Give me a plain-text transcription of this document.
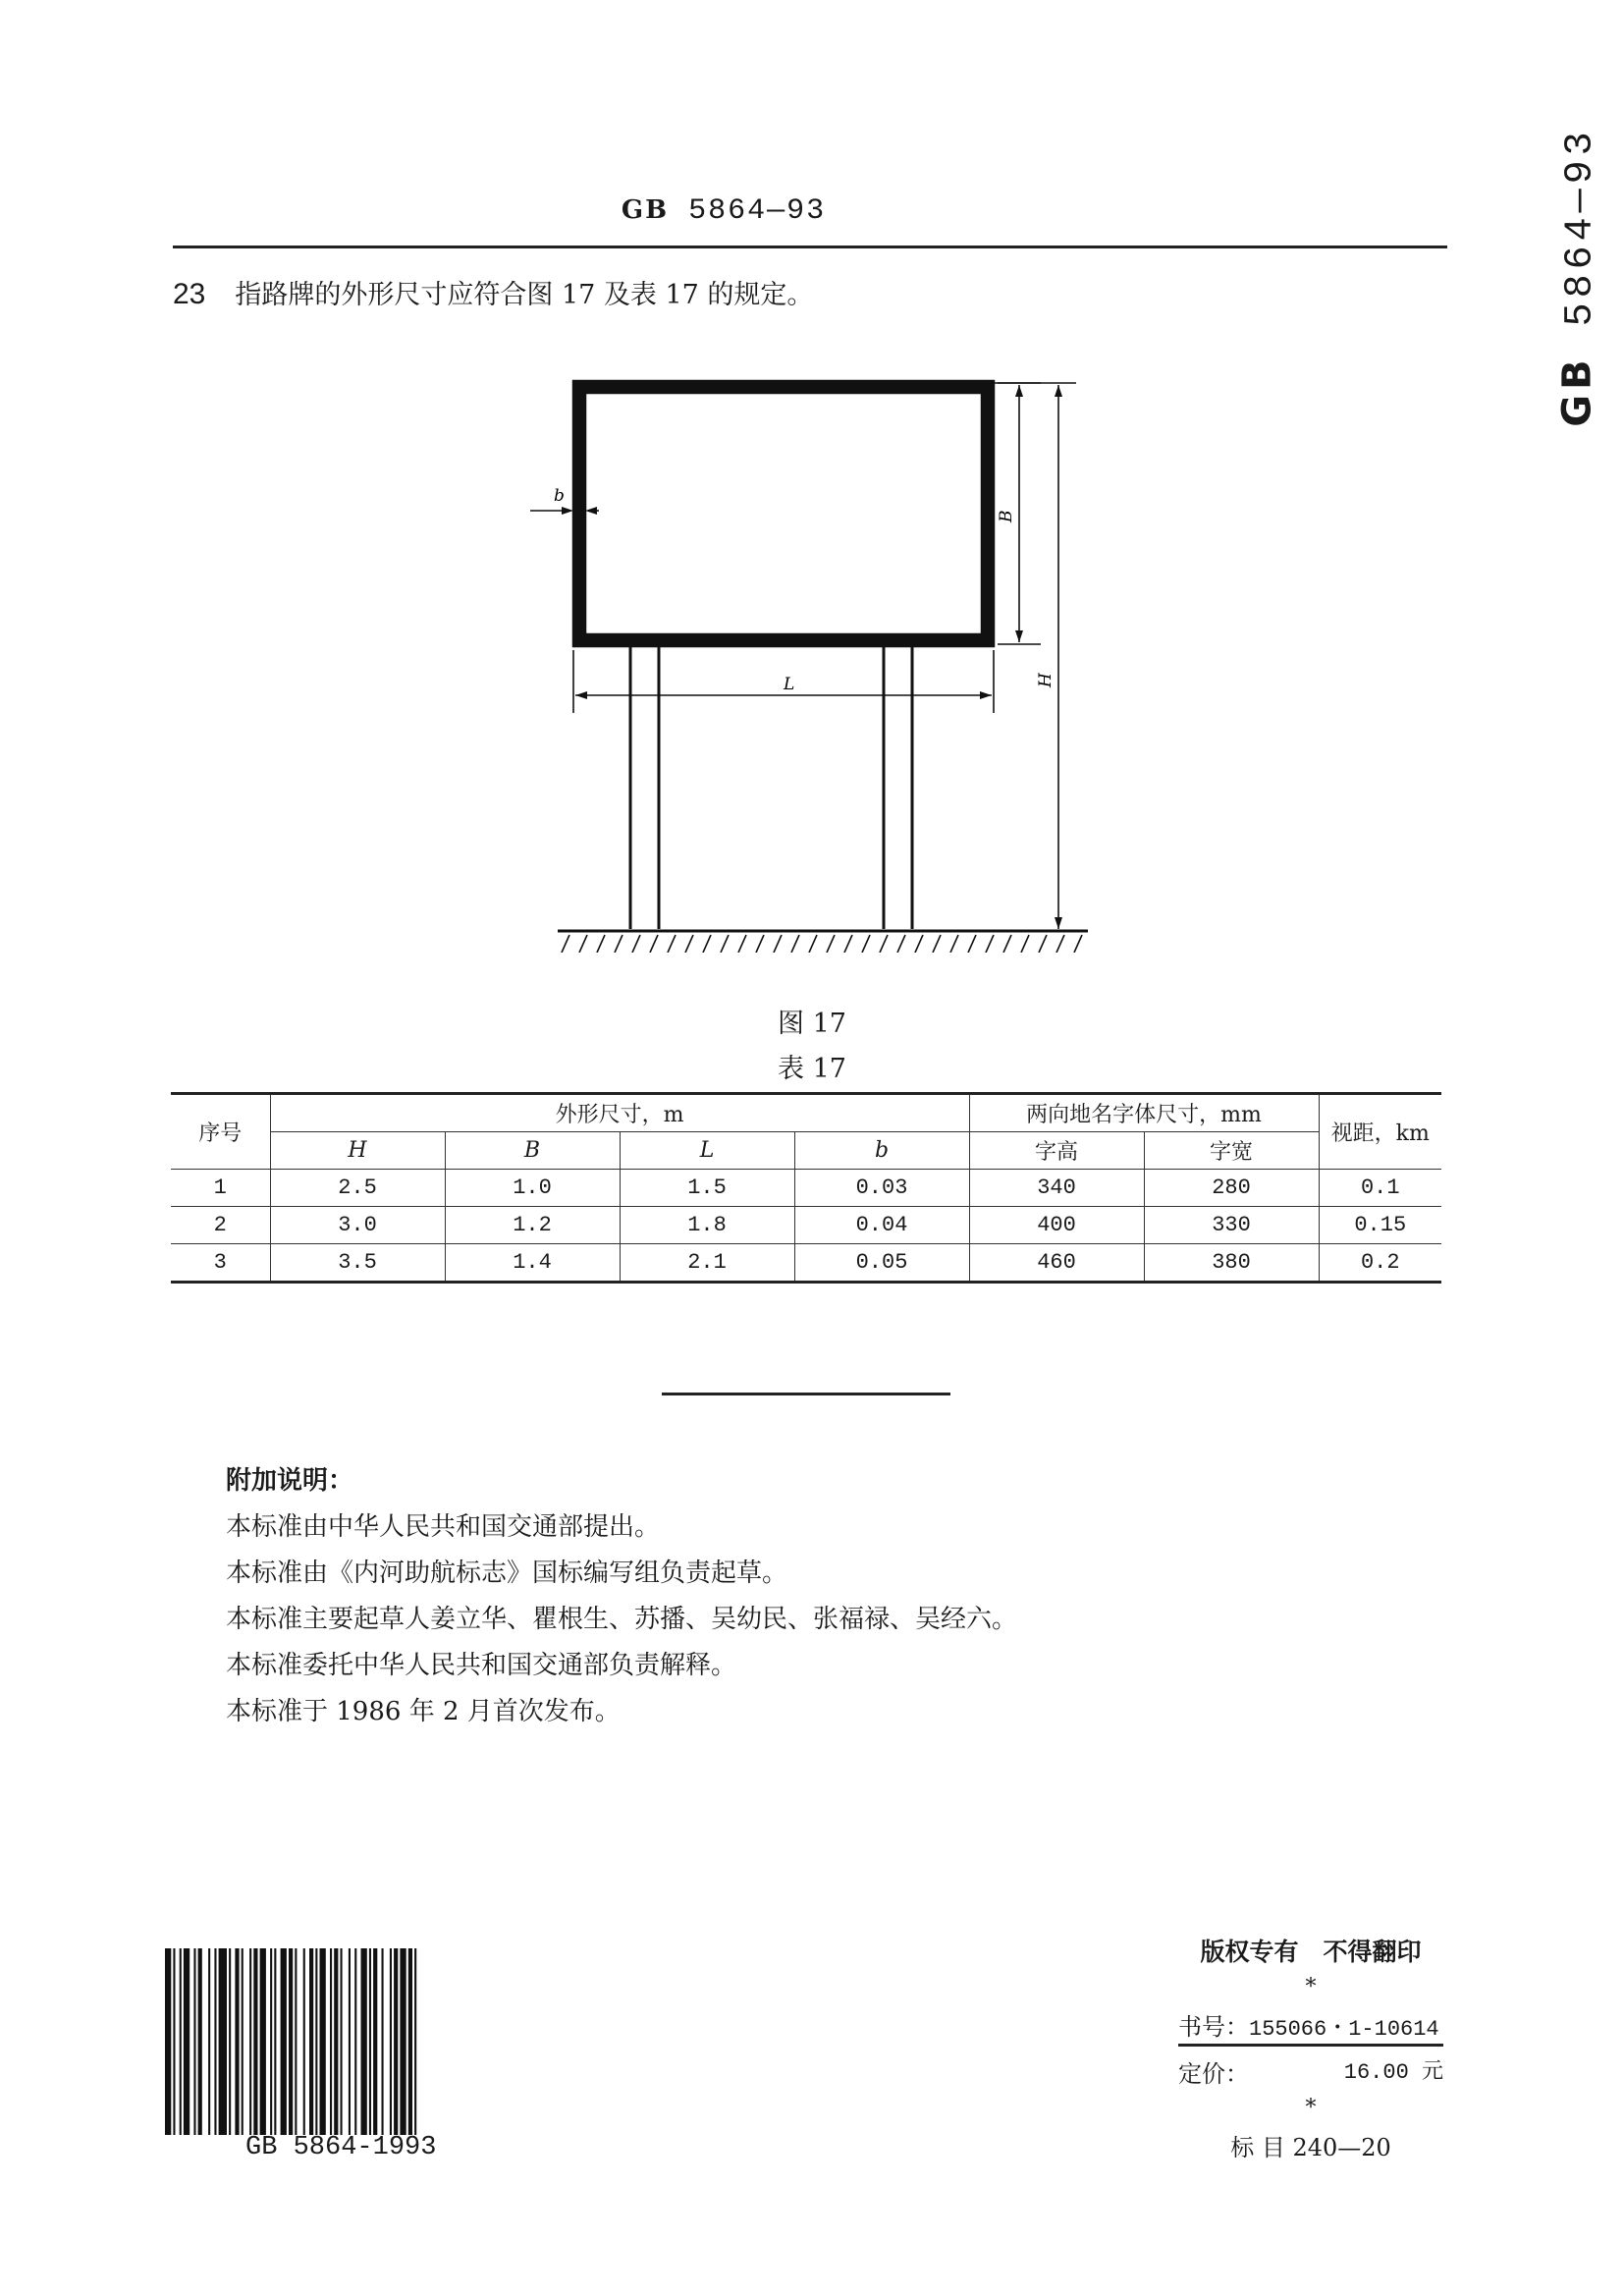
GB 5864—93
GB 5864—93
23 指路牌的外形尺寸应符合图 17 及表 17 的规定。
b
B
H
L
图 17
表 17
序号	外形尺寸，m				两向地名字体尺寸，mm		视距，km
	H	B	L	b	字高	字宽	
1	2.5	1.0	1.5	0.03	340	280	0.1
2	3.0	1.2	1.8	0.04	400	330	0.15
3	3.5	1.4	2.1	0.05	460	380	0.2
附加说明：
本标准由中华人民共和国交通部提出。
本标准由《内河助航标志》国标编写组负责起草。
本标准主要起草人姜立华、瞿根生、苏播、吴幼民、张福禄、吴经六。
本标准委托中华人民共和国交通部负责解释。
本标准于 1986 年 2 月首次发布。
GB 5864-1993
版权专有　不得翻印
*
书号：155066・1-10614
定价：	16.00 元
*
标 目 240—20
